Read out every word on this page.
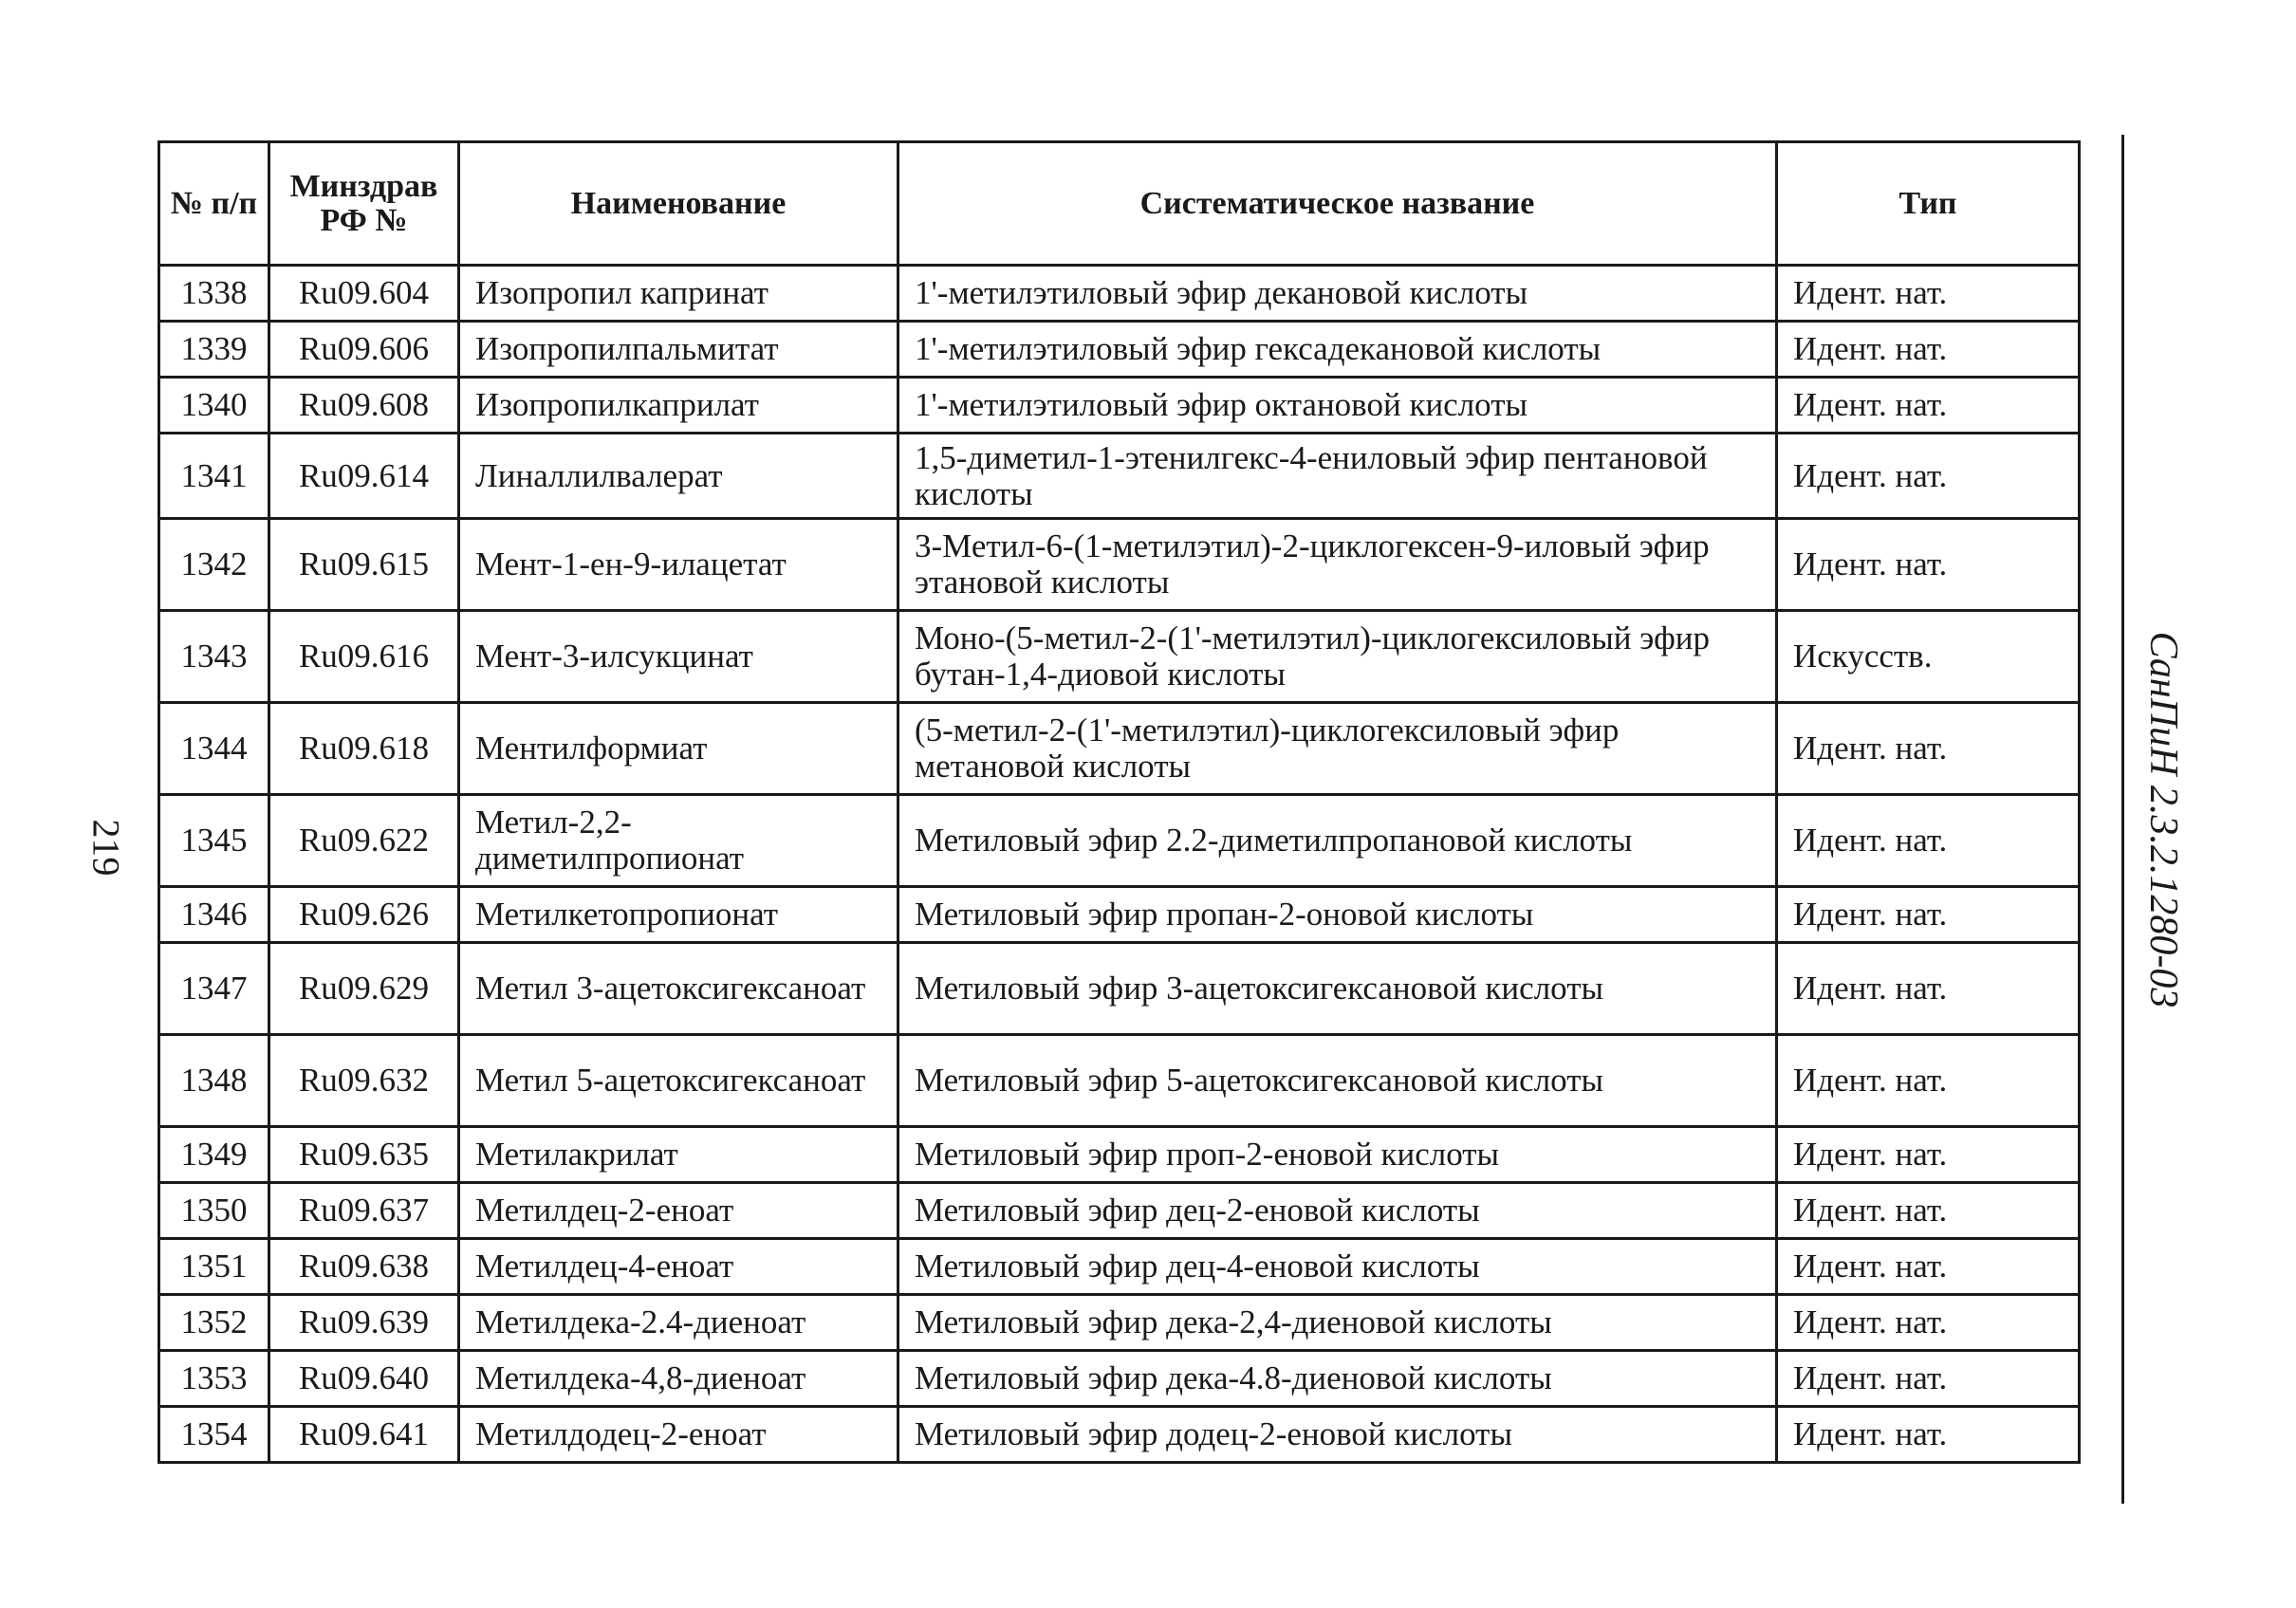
219
№ п/п	Минздрав РФ №	Наименование	Систематическое название	Тип
1338	Ru09.604	Изопропил капринат	1'-метилэтиловый эфир декановой кислоты	Идент. нат.
1339	Ru09.606	Изопропилпальмитат	1'-метилэтиловый эфир гексадекановой кислоты	Идент. нат.
1340	Ru09.608	Изопропилкаприлат	1'-метилэтиловый эфир октановой кислоты	Идент. нат.
1341	Ru09.614	Линаллилвалерат	1,5-диметил-1-этенилгекс-4-ениловый эфир пентановой кислоты	Идент. нат.
1342	Ru09.615	Мент-1-ен-9-илацетат	3-Метил-6-(1-метилэтил)-2-циклогексен-9-иловый эфир этановой кислоты	Идент. нат.
1343	Ru09.616	Мент-3-илсукцинат	Моно-(5-метил-2-(1'-метилэтил)-циклогексиловый эфир бутан-1,4-диовой кислоты	Искусств.
1344	Ru09.618	Ментилформиат	(5-метил-2-(1'-метилэтил)-циклогексиловый эфир метановой кислоты	Идент. нат.
1345	Ru09.622	Метил-2,2-диметилпропионат	Метиловый эфир 2.2-диметилпропановой кислоты	Идент. нат.
1346	Ru09.626	Метилкетопропионат	Метиловый эфир пропан-2-оновой кислоты	Идент. нат.
1347	Ru09.629	Метил 3-ацетоксигексаноат	Метиловый эфир 3-ацетоксигексановой кислоты	Идент. нат.
1348	Ru09.632	Метил 5-ацетоксигексаноат	Метиловый эфир 5-ацетоксигексановой кислоты	Идент. нат.
1349	Ru09.635	Метилакрилат	Метиловый эфир проп-2-еновой кислоты	Идент. нат.
1350	Ru09.637	Метилдец-2-еноат	Метиловый эфир дец-2-еновой кислоты	Идент. нат.
1351	Ru09.638	Метилдец-4-еноат	Метиловый эфир дец-4-еновой кислоты	Идент. нат.
1352	Ru09.639	Метилдека-2.4-диеноат	Метиловый эфир дека-2,4-диеновой кислоты	Идент. нат.
1353	Ru09.640	Метилдека-4,8-диеноат	Метиловый эфир дека-4.8-диеновой кислоты	Идент. нат.
1354	Ru09.641	Метилдодец-2-еноат	Метиловый эфир додец-2-еновой кислоты	Идент. нат.
СанПиН 2.3.2.1280-03
